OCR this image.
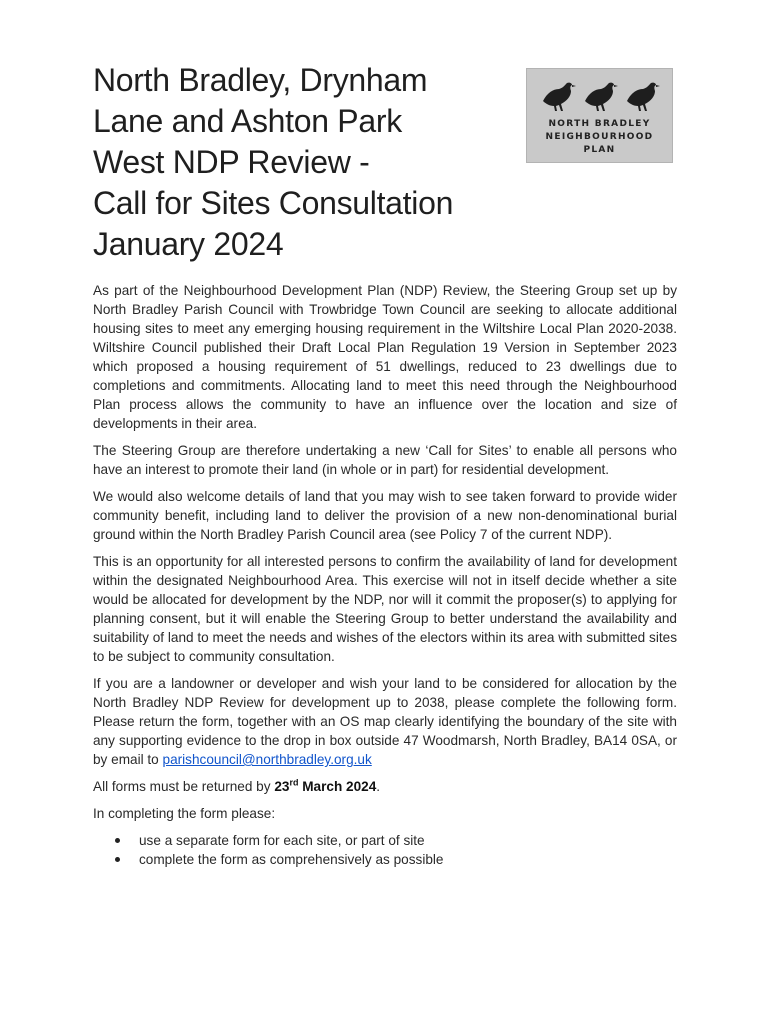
North Bradley, Drynham
Lane and Ashton Park
West NDP Review -
Call for Sites Consultation
January 2024
NORTH BRADLEY
NEIGHBOURHOOD
PLAN

As part of the Neighbourhood Development Plan (NDP) Review, the Steering Group set up by North Bradley Parish Council with Trowbridge Town Council are seeking to allocate additional housing sites to meet any emerging housing requirement in the Wiltshire Local Plan 2020-2038. Wiltshire Council published their Draft Local Plan Regulation 19 Version in September 2023 which proposed a housing requirement of 51 dwellings, reduced to 23 dwellings due to completions and commitments. Allocating land to meet this need through the Neighbourhood Plan process allows the community to have an influence over the location and size of developments in their area.

The Steering Group are therefore undertaking a new ‘Call for Sites’ to enable all persons who have an interest to promote their land (in whole or in part) for residential development.

We would also welcome details of land that you may wish to see taken forward to provide wider community benefit, including land to deliver the provision of a new non-denominational burial ground within the North Bradley Parish Council area (see Policy 7 of the current NDP).

This is an opportunity for all interested persons to confirm the availability of land for development within the designated Neighbourhood Area. This exercise will not in itself decide whether a site would be allocated for development by the NDP, nor will it commit the proposer(s) to applying for planning consent, but it will enable the Steering Group to better understand the availability and suitability of land to meet the needs and wishes of the electors within its area with submitted sites to be subject to community consultation.

If you are a landowner or developer and wish your land to be considered for allocation by the North Bradley NDP Review for development up to 2038, please complete the following form. Please return the form, together with an OS map clearly identifying the boundary of the site with any supporting evidence to the drop in box outside 47 Woodmarsh, North Bradley, BA14 0SA, or by email to parishcouncil@northbradley.org.uk

All forms must be returned by 23rd March 2024.

In completing the form please:

use a separate form for each site, or part of site
complete the form as comprehensively as possible
